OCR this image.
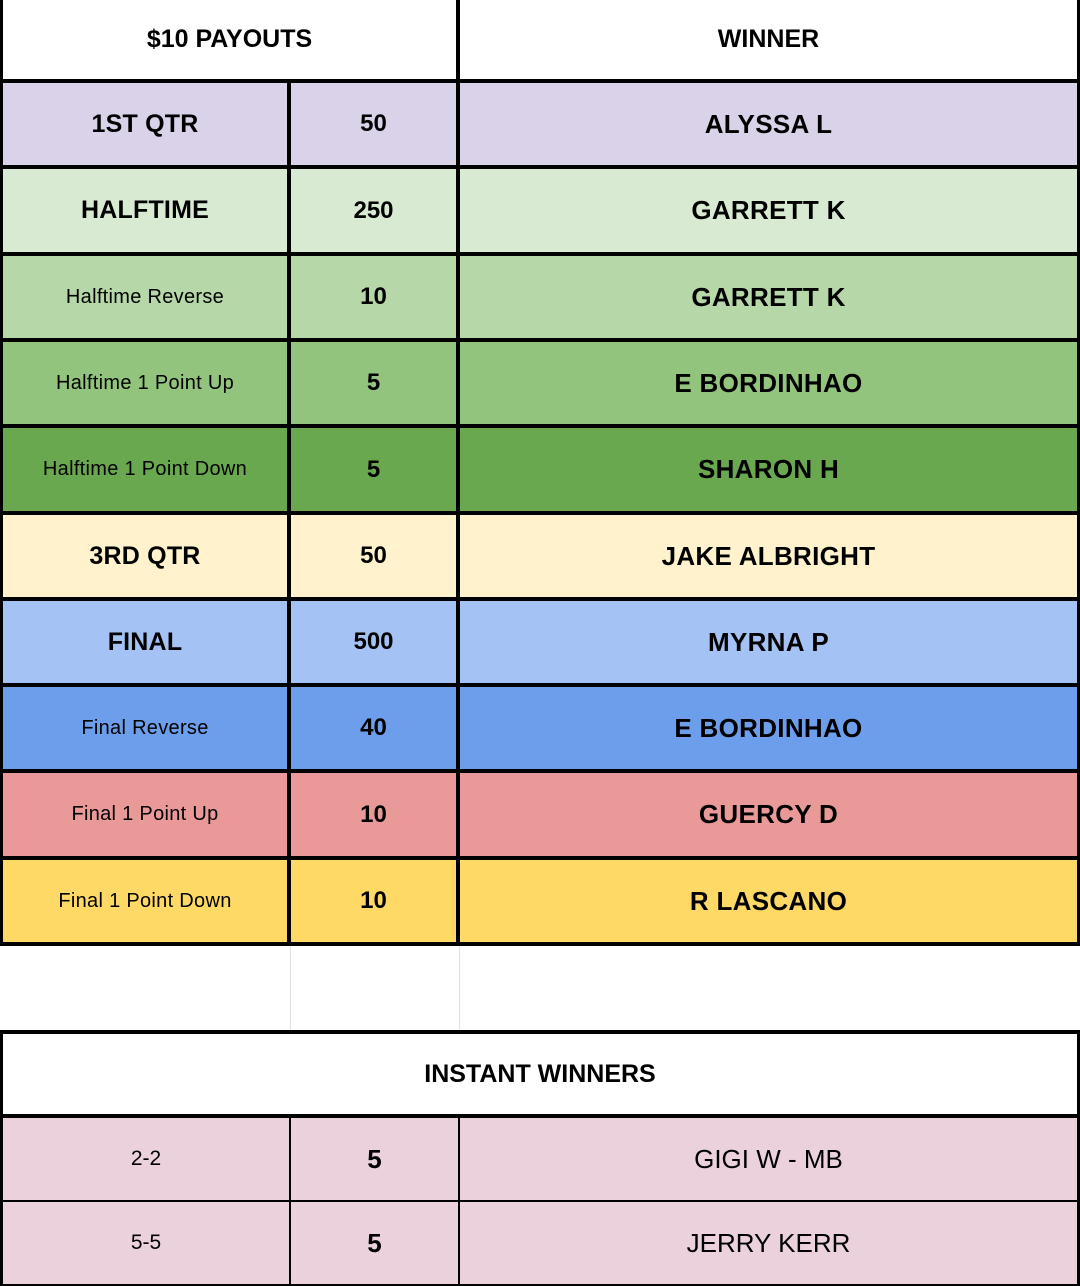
$10 PAYOUTS	WINNER
1ST QTR	50	ALYSSA L
HALFTIME	250	GARRETT K
Halftime Reverse	10	GARRETT K
Halftime 1 Point Up	5	E BORDINHAO
Halftime 1 Point Down	5	SHARON H
3RD QTR	50	JAKE ALBRIGHT
FINAL	500	MYRNA P
Final Reverse	40	E BORDINHAO
Final 1 Point Up	10	GUERCY D
Final 1 Point Down	10	R LASCANO
INSTANT WINNERS
2-2	5	GIGI W - MB
5-5	5	JERRY KERR
